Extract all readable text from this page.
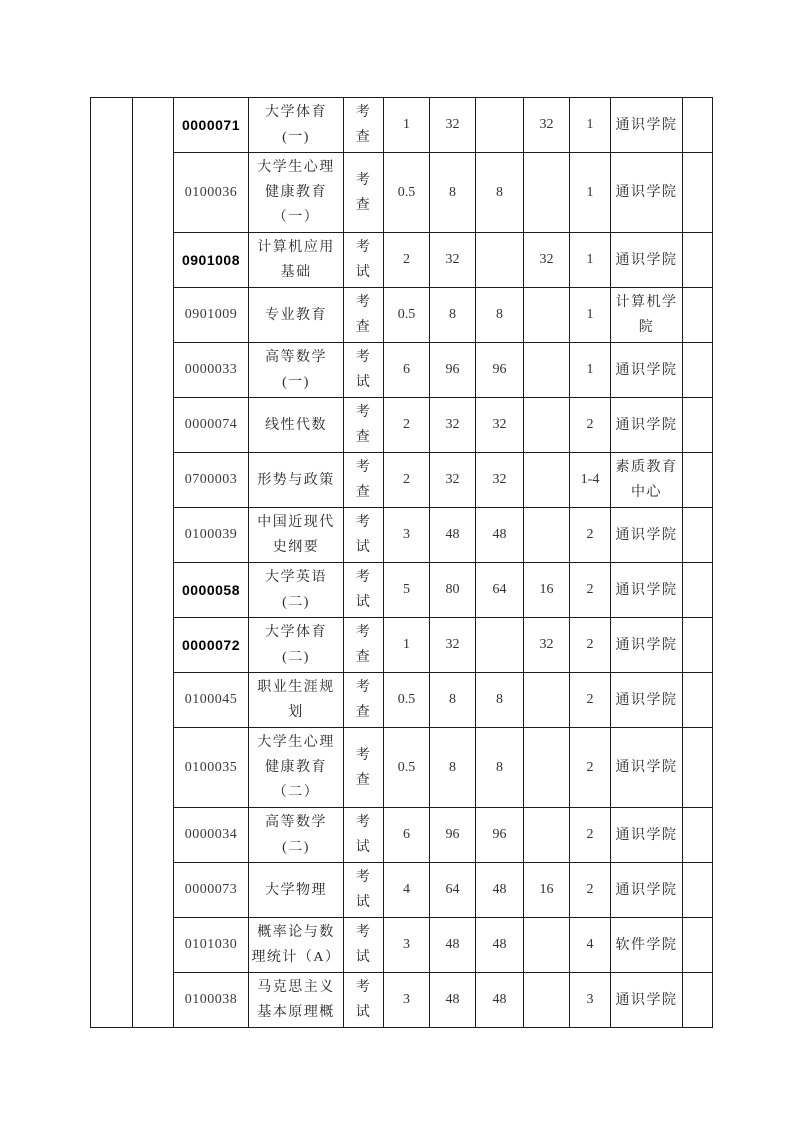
		0000071	大学体育
(一)	考
查	1	32		32	1	通识学院	
		0100036	大学生心理
健康教育
（一）	考
查	0.5	8	8		1	通识学院	
		0901008	计算机应用
基础	考
试	2	32		32	1	通识学院	
		0901009	专业教育	考
查	0.5	8	8		1	计算机学
院	
		0000033	高等数学
(一)	考
试	6	96	96		1	通识学院	
		0000074	线性代数	考
查	2	32	32		2	通识学院	
		0700003	形势与政策	考
查	2	32	32		1-4	素质教育
中心	
		0100039	中国近现代
史纲要	考
试	3	48	48		2	通识学院	
		0000058	大学英语
(二)	考
试	5	80	64	16	2	通识学院	
		0000072	大学体育
(二)	考
查	1	32		32	2	通识学院	
		0100045	职业生涯规
划	考
查	0.5	8	8		2	通识学院	
		0100035	大学生心理
健康教育
（二）	考
查	0.5	8	8		2	通识学院	
		0000034	高等数学
(二)	考
试	6	96	96		2	通识学院	
		0000073	大学物理	考
试	4	64	48	16	2	通识学院	
		0101030	概率论与数
理统计（A）	考
试	3	48	48		4	软件学院	
		0100038	马克思主义
基本原理概	考
试	3	48	48		3	通识学院	
